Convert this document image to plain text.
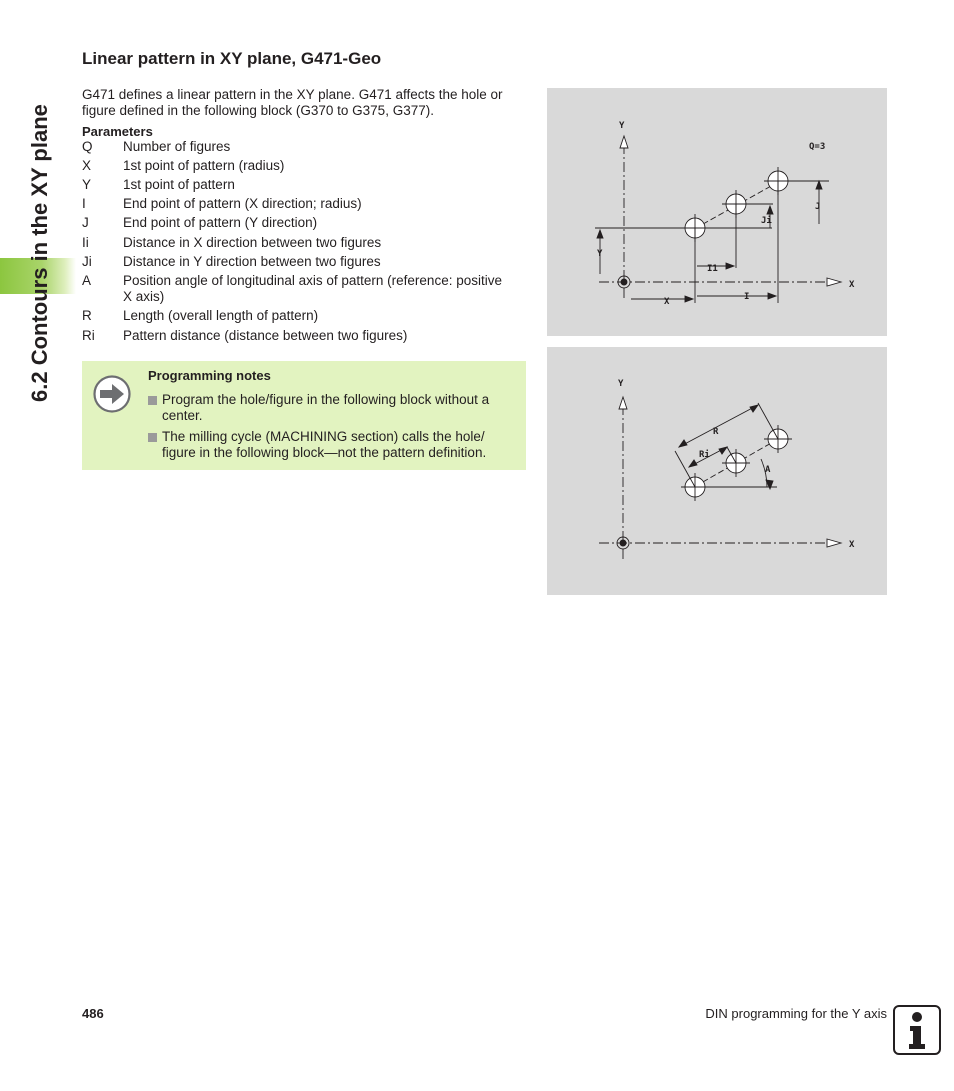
6.2 Contours in the XY plane
Linear pattern in XY plane, G471-Geo

G471 defines a linear pattern in the XY plane. G471 affects the hole or figure defined in the following block (G370 to G375, G377).

Parameters
Q	Number of figures
X	1st point of pattern (radius)
Y	1st point of pattern
I	End point of pattern (X direction; radius)
J	End point of pattern (Y direction)
Ii	Distance in X direction between two figures
Ji	Distance in Y direction between two figures
A	Position angle of longitudinal axis of pattern (reference: positive X axis)
R	Length (overall length of pattern)
Ri	Pattern distance (distance between two figures)
Programming notes
Program the hole/figure in the following block without a center.
The milling cycle (MACHINING section) calls the hole/ figure in the following block—not the pattern definition.
Y
X
Q=3
J
Ji
Y
I1
X	I
Y
X
R
Ri
A
486	DIN programming for the Y axis
